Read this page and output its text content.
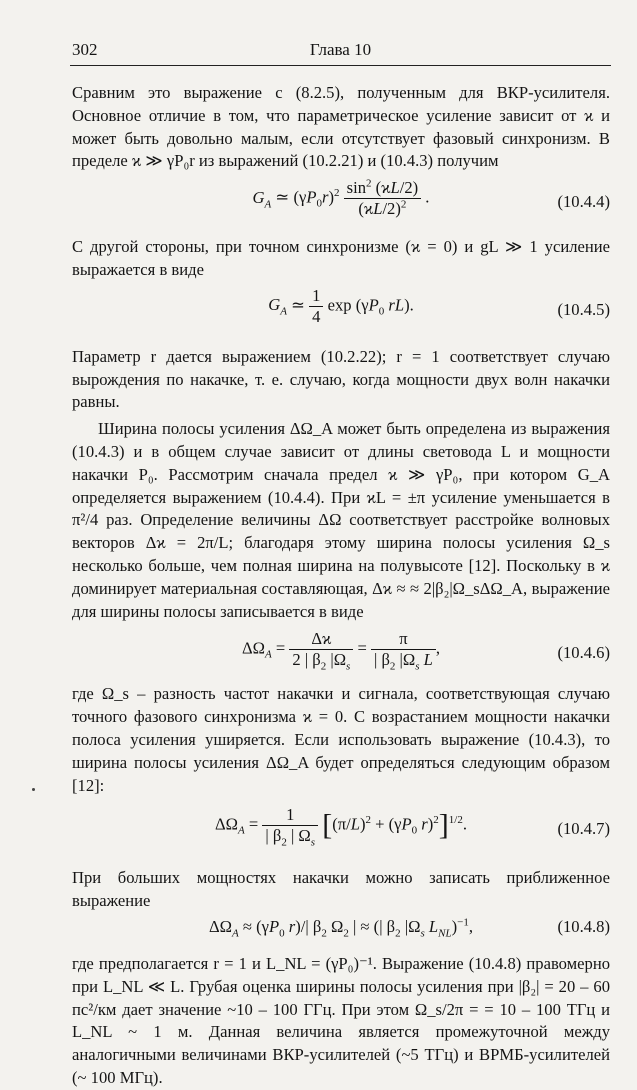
302	Глава 10

Сравним это выражение с (8.2.5), полученным для ВКР-усилителя. Основное отличие в том, что параметрическое усиление зависит от ϰ и может быть довольно малым, если отсутствует фазовый синхронизм. В пределе ϰ ≫ γP₀r из выражений (10.2.21) и (10.4.3) получим

$G_A$ ≃ $(\gamma P_0r)^2 \frac{\sin^2 (ϰL/2)}{(ϰL/2)^2}$ .	(10.4.4)

С другой стороны, при точном синхронизме (ϰ = 0) и gL ≫ 1 усиление выражается в виде

$G_A$ ≃ $\frac{1}{4}$ $\exp (\gamma P_0$ rL).	(10.4.5)

Параметр r дается выражением (10.2.22); r = 1 соответствует случаю вырождения по накачке, т. е. случаю, когда мощности двух волн накачки равны.

Ширина полосы усиления ΔΩ_A может быть определена из выражения (10.4.3) и в общем случае зависит от длины световода L и мощности накачки P₀. Рассмотрим сначала предел ϰ ≫ γP₀, при котором G_A определяется выражением (10.4.4). При ϰL = ±π усиление уменьшается в π²/4 раз. Определение величины ΔΩ соответствует расстройке волновых векторов Δϰ = 2π/L; благодаря этому ширина полосы усиления Ω_s несколько больше, чем полная ширина на полувысоте [12]. Поскольку в ϰ доминирует материальная составляющая, Δϰ ≈ ≈ 2|β₂|Ω_sΔΩ_A, выражение для ширины полосы записывается в виде

$\Delta\Omega_A = \frac{\Delta ϰ}{2 | \beta_2 |\Omega_s} = \frac{\pi}{| \beta_2 |\Omega_s L}$ ,	(10.4.6)

где Ω_s – разность частот накачки и сигнала, соответствующая случаю точного фазового синхронизма ϰ = 0. С возрастанием мощности накачки полоса усиления уширяется. Если использовать выражение (10.4.3), то ширина полосы усиления ΔΩ_A будет определяться следующим образом [12]:

$\Delta\Omega_A = \frac{1}{| \beta_2 | \Omega_s} [(\pi/L)^2 + (\gamma P_0$ r)$^2$]$^{1/2}$.	(10.4.7)

При больших мощностях накачки можно записать приближенное выражение

$\Delta\Omega_A \approx (\gamma P_0$ r)/| $\beta_2$ $\Omega_2$ | ≈ (| $\beta_2$ $|\Omega_s$ $L_{NL})^{-1}$,	(10.4.8)

где предполагается r = 1 и L_NL = (γP₀)⁻¹. Выражение (10.4.8) правомерно при L_NL ≪ L. Грубая оценка ширины полосы усиления при |β₂| = 20 – 60 пс²/км дает значение ~10 – 100 ГГц. При этом Ω_s/2π = = 10 – 100 ТГц и L_NL ~ 1 м. Данная величина является промежуточной между аналогичными величинами ВКР-усилителей (~5 ТГц) и ВРМБ-усилителей (~ 100 МГц).
